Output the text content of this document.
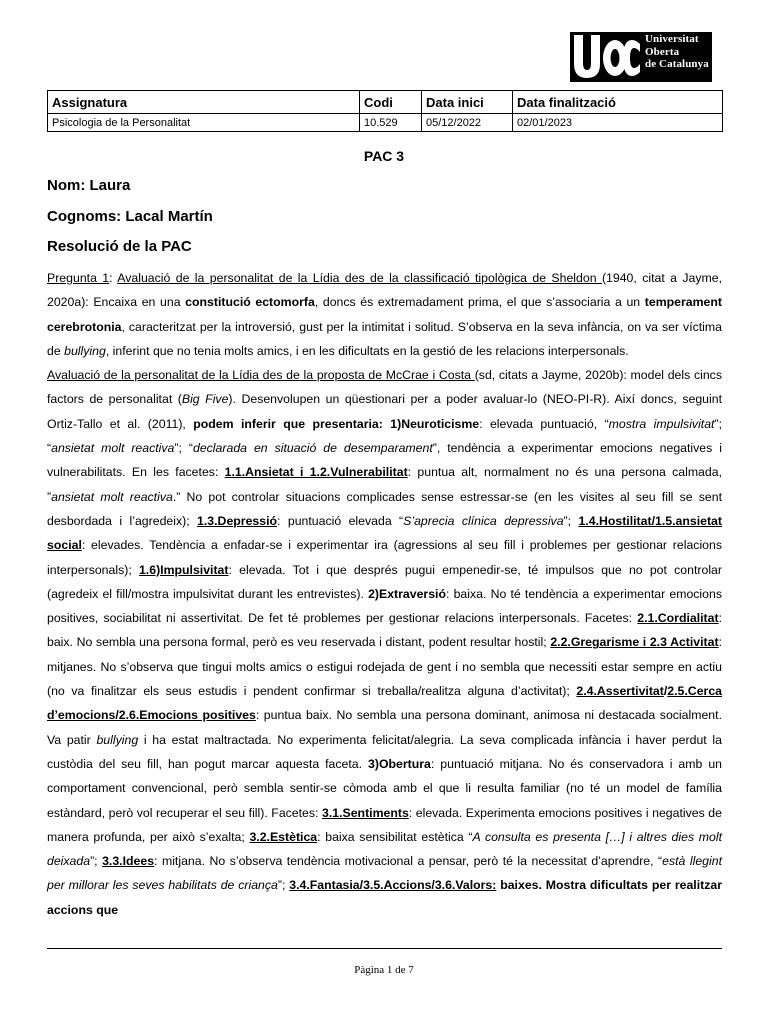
Universitat
Oberta
de Catalunya
Assignatura	Codi	Data inici	Data finalització
Psicologia de la Personalitat	10.529	05/12/2022	02/01/2023
PAC 3
Nom: Laura
Cognoms: Lacal Martín
Resolució de la PAC

Pregunta 1: Avaluació de la personalitat de la Lídia des de la classificació tipològica de Sheldon (1940, citat a Jayme, 2020a): Encaixa en una constitució ectomorfa, doncs és extremadament prima, el que s’associaria a un temperament cerebrotonia, caracteritzat per la introversió, gust per la intimitat i solitud. S’observa en la seva infància, on va ser víctima de bullying, inferint que no tenia molts amics, i en les dificultats en la gestió de les relacions interpersonals.

Avaluació de la personalitat de la Lídia des de la proposta de McCrae i Costa (sd, citats a Jayme, 2020b): model dels cincs factors de personalitat (Big Five). Desenvolupen un qüestionari per a poder avaluar-lo (NEO-PI-R). Així doncs, seguint Ortiz-Tallo et al. (2011), podem inferir que presentaria: 1)Neuroticisme: elevada puntuació, “mostra impulsivitat”; “ansietat molt reactiva”; “declarada en situació de desemparament”, tendència a experimentar emocions negatives i vulnerabilitats. En les facetes: 1.1.Ansietat i 1.2.Vulnerabilitat: puntua alt, normalment no és una persona calmada, ”ansietat molt reactiva.” No pot controlar situacions complicades sense estressar-se (en les visites al seu fill se sent desbordada i l’agredeix); 1.3.Depressió: puntuació elevada “S’aprecia clínica depressiva”; 1.4.Hostilitat/1.5.ansietat social: elevades. Tendència a enfadar-se i experimentar ira (agressions al seu fill i problemes per gestionar relacions interpersonals); 1.6)Impulsivitat: elevada. Tot i que després pugui empenedir-se, té impulsos que no pot controlar (agredeix el fill/mostra impulsivitat durant les entrevistes). 2)Extraversió: baixa. No té tendència a experimentar emocions positives, sociabilitat ni assertivitat. De fet té problemes per gestionar relacions interpersonals. Facetes: 2.1.Cordialitat: baix. No sembla una persona formal, però es veu reservada i distant, podent resultar hostil; 2.2.Gregarisme i 2.3 Activitat: mitjanes. No s’observa que tingui molts amics o estigui rodejada de gent i no sembla que necessiti estar sempre en actiu (no va finalitzar els seus estudis i pendent confirmar si treballa/realitza alguna d’activitat); 2.4.Assertivitat/2.5.Cerca d’emocions/2.6.Emocions positives: puntua baix. No sembla una persona dominant, animosa ni destacada socialment. Va patir bullying i ha estat maltractada. No experimenta felicitat/alegria. La seva complicada infància i haver perdut la custòdia del seu fill, han pogut marcar aquesta faceta. 3)Obertura: puntuació mitjana. No és conservadora i amb un comportament convencional, però sembla sentir-se còmoda amb el que li resulta familiar (no té un model de família estàndard, però vol recuperar el seu fill). Facetes: 3.1.Sentiments: elevada. Experimenta emocions positives i negatives de manera profunda, per això s’exalta; 3.2.Estètica: baixa sensibilitat estètica “A consulta es presenta […] i altres dies molt deixada”; 3.3.Idees: mitjana. No s’observa tendència motivacional a pensar, però té la necessitat d’aprendre, “està llegint per millorar les seves habilitats de criança”; 3.4.Fantasia/3.5.Accions/3.6.Valors: baixes. Mostra dificultats per realitzar accions que

Pàgina 1 de 7
